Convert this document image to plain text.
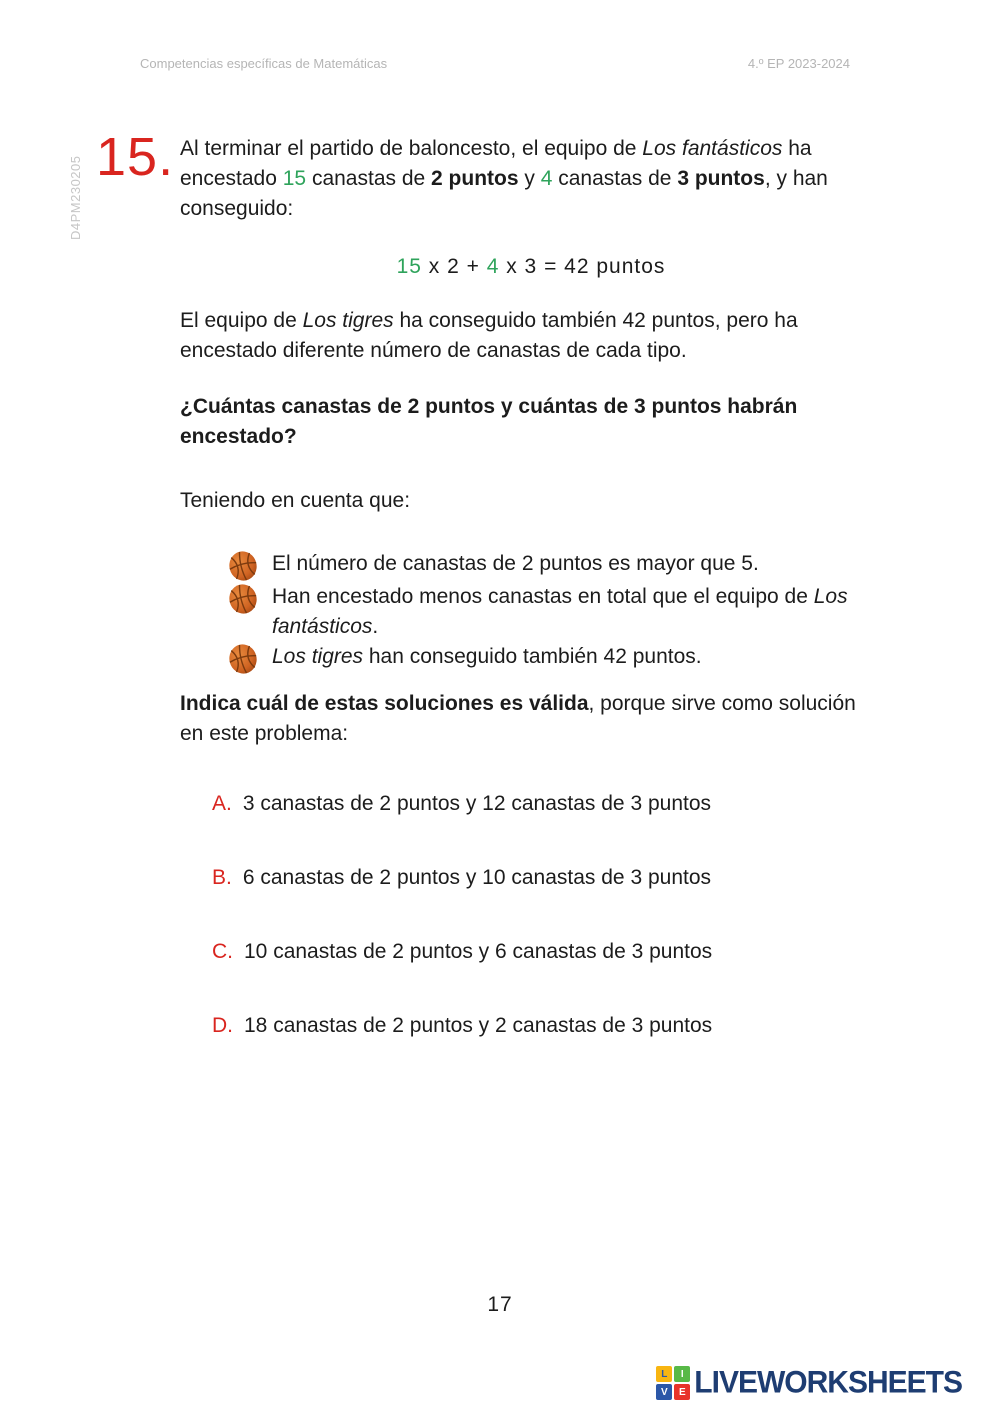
Competencias específicas de Matemáticas	4.º EP 2023-2024
D4PM230205 15. Al terminar el partido de baloncesto, el equipo de Los fantásticos ha encestado 15 canastas de 2 puntos y 4 canastas de 3 puntos, y han conseguido:

15 x 2 + 4 x 3 = 42 puntos

El equipo de Los tigres ha conseguido también 42 puntos, pero ha encestado diferente número de canastas de cada tipo.

¿Cuántas canastas de 2 puntos y cuántas de 3 puntos habrán encestado?

Teniendo en cuenta que:

El número de canastas de 2 puntos es mayor que 5.
Han encestado menos canastas en total que el equipo de Los fantásticos.
Los tigres han conseguido también 42 puntos.

Indica cuál de estas soluciones es válida, porque sirve como solución en este problema:

A. 3 canastas de 2 puntos y 12 canastas de 3 puntos
B. 6 canastas de 2 puntos y 10 canastas de 3 puntos
C. 10 canastas de 2 puntos y 6 canastas de 3 puntos
D. 18 canastas de 2 puntos y 2 canastas de 3 puntos
17
L	I
V	E LIVEWORKSHEETS
